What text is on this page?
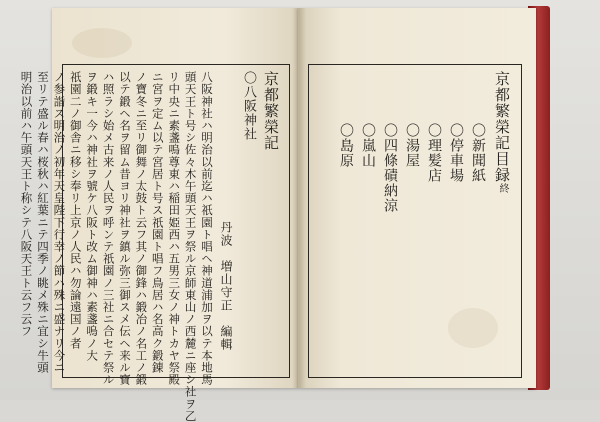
京都繁榮記
〇八阪神社
丹波　増山守正　編輯
八阪神社ハ明治以前迄ハ祇園ト唱ヘ神道浦加ヲ以テ本地馬
頭天王ト号シ佐々木午頭天王ヲ祭ル京師東山ノ西麓ニ座シ社ヲ乙
リ中央ニ素盞嗚尊東ハ稲田姫西ハ五男三女ノ神トカヤ祭殿
ニ宮ヲ定ム以テ宮居ト号ス祇園ト唱フ鳥居ハ名高ク鍛錬
ノ寶冬ニ至リ御舞ノ太鼓ト云フ其ノ御鋒ハ鍛冶ノ名工ノ鍛
以テ鍛ヘ名ヲ留ム昔ヨリ神社ヲ鎮ル弥三御スメ伝ヘ来ル寶
ハ照ラシ始メ古来ノ人民ヲ呼ンテ祇園ノ三社ニ合セテ祭ル
ヲ鍛キ一今ハ神社ヲ號ケ八阪ト改ム御神ハ素盞嗚ノ大
祇園二ノ御舎ニ移シ奉リ上京ノ人民ハ勿論遠国ノ者
ノ参詣ス明治ノ初年天皇陛下行幸ノ節ハ殊ニ盛ナリ今ニ
至リテ盛ル春ハ桜秋ハ紅葉ニテ四季ノ眺メ殊ニ宜シ牛頭
明治以前ハ午頭天王ト称シテ八阪天王ト云フ云フ	京都繁榮記目録終
〇新聞紙
〇停車場
〇理髪店
〇湯屋
〇四條磧納涼
〇嵐山
〇島原
